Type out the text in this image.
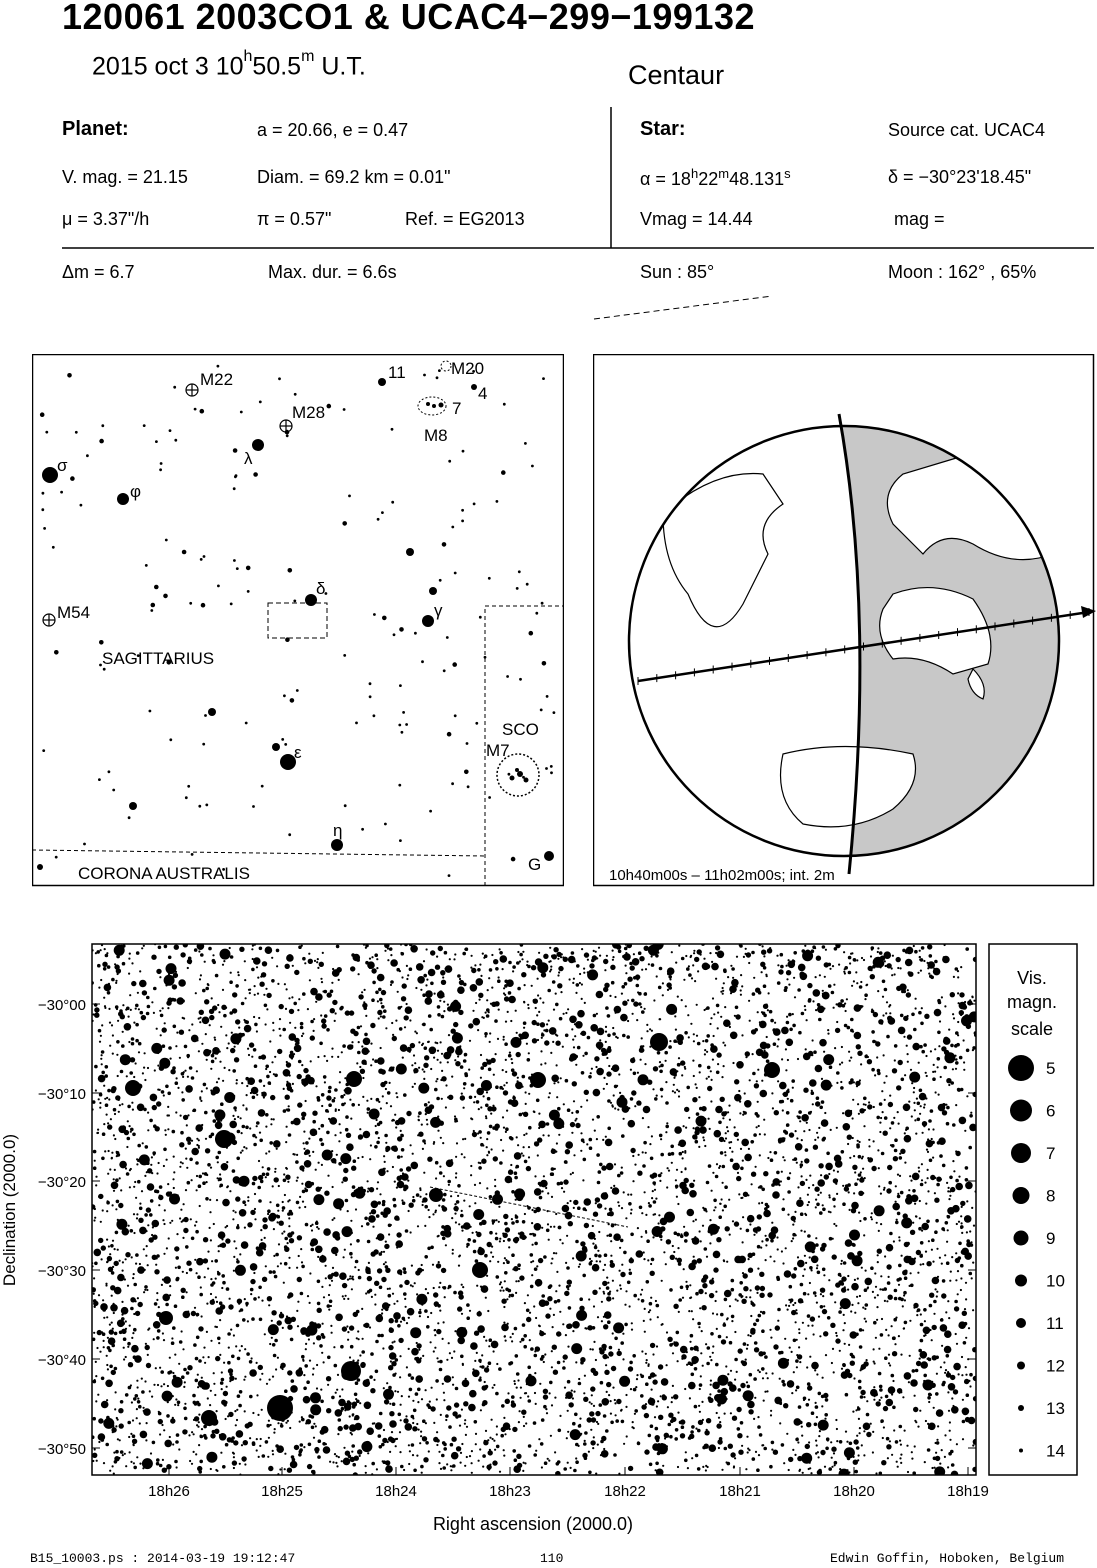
120061 2003CO1 & UCAC4−299−199132
2015 oct 3 10$^h$50.5$^m$ U.T.	Centaur
Planet:	a = 20.66, e = 0.47
V. mag. = 21.15	Diam. = 69.2 km = 0.01"
μ = 3.37"/h	π = 0.57"	Ref. = EG2013
Star:	Source cat. UCAC4
$\alpha = 18^h22^m48.131^s$	δ = −30°23'18.45"
Vmag = 14.44	mag =
Δm = 6.7	Max. dur. = 6.6s	Sun : 85°	Moon : 162° , 65%
M22
M28
11	M20
4
7
M8
σ
φ
λ
δ
γ
M54
SAGITTARIUS
SCO
M7
ε
η
CORONA AUSTRALIS	G
10h40m00s – 11h02m00s; int. 2m
−30°00
−30°10
−30°20
−30°30
−30°40
−30°50
18h26	18h25	18h24	18h23	18h22	18h21	18h20	18h19
Right ascension (2000.0)
Declination (2000.0)
Vis.
magn.
scale
5
6
7
8
9
10
11
12
13
14
B15_10003.ps : 2014-03-19 19:12:47	110	Edwin Goffin, Hoboken, Belgium
